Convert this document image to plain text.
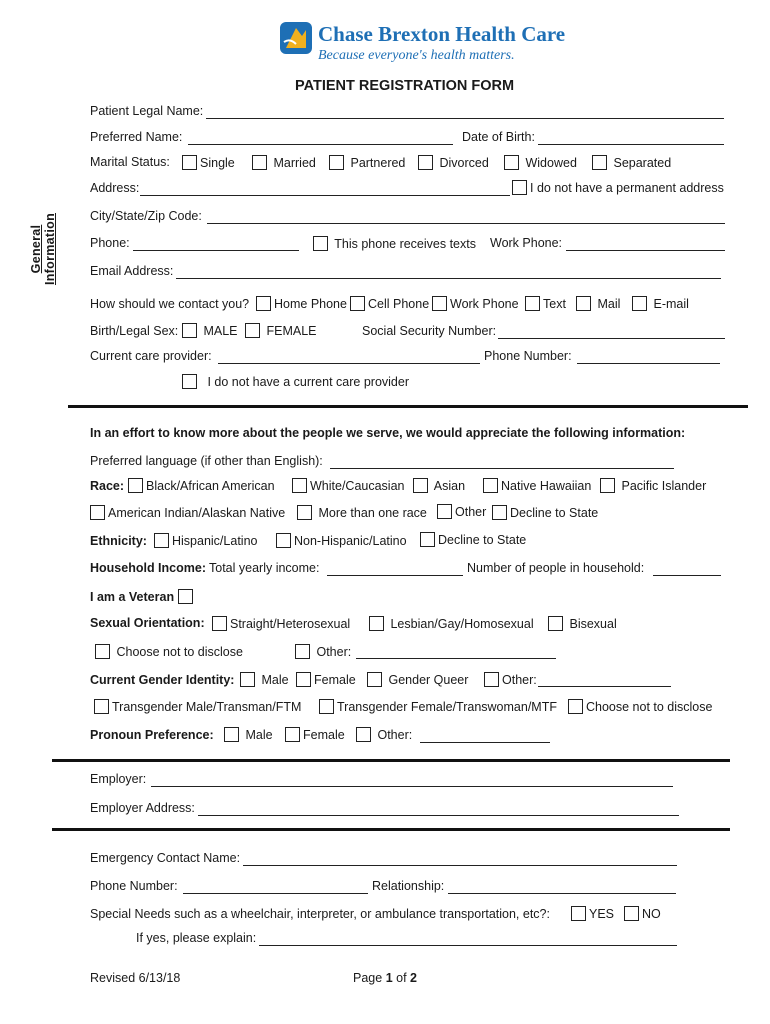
Chase Brexton Health Care
Because everyone's health matters.
PATIENT REGISTRATION FORM
General Information
Patient Legal Name:
Preferred Name:	Date of Birth:
Marital Status:	Single	Married	Partnered	Divorced	Widowed	Separated
Address:	I do not have a permanent address
City/State/Zip Code:
Phone:	This phone receives texts Work Phone:
Email Address:
How should we contact you?	Home Phone	Cell Phone	Work Phone	Text	Mail	E-mail
Birth/Legal Sex:	MALE	FEMALE	Social Security Number:
Current care provider:	Phone Number:
I do not have a current care provider
In an effort to know more about the people we serve, we would appreciate the following information:
Preferred language (if other than English):
Race:	Black/African American	White/Caucasian	Asian	Native Hawaiian	Pacific Islander
American Indian/Alaskan Native	More than one race	Other	Decline to State
Ethnicity:	Hispanic/Latino	Non-Hispanic/Latino	Decline to State
Household Income: Total yearly income:	Number of people in household:
I am a Veteran
Sexual Orientation:	Straight/Heterosexual	Lesbian/Gay/Homosexual	Bisexual
Choose not to disclose	Other:
Current Gender Identity:	Male	Female	Gender Queer	Other:
Transgender Male/Transman/FTM	Transgender Female/Transwoman/MTF	Choose not to disclose
Pronoun Preference:	Male	Female	Other:
Employer:
Employer Address:
Emergency Contact Name:
Phone Number:	Relationship:
Special Needs such as a wheelchair, interpreter, or ambulance transportation, etc?:	YES	NO
If yes, please explain:
Revised 6/13/18	Page 1 of 2
